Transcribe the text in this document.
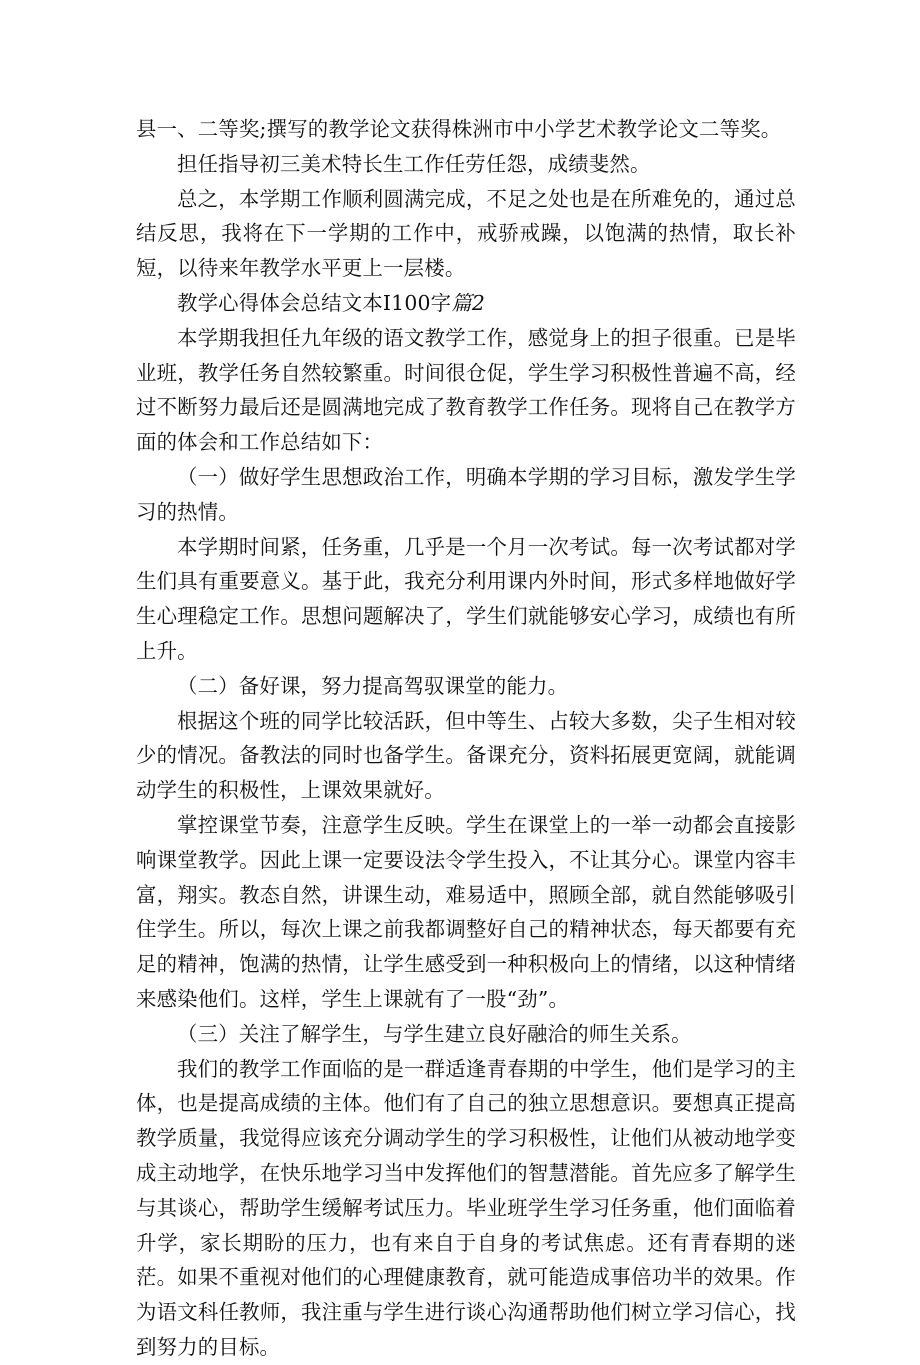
县一、二等奖;撰写的教学论文获得株洲市中小学艺术教学论文二等奖。

担任指导初三美术特长生工作任劳任怨，成绩斐然。

总之，本学期工作顺利圆满完成，不足之处也是在所难免的，通过总结反思，我将在下一学期的工作中，戒骄戒躁，以饱满的热情，取长补短，以待来年教学水平更上一层楼。

教学心得体会总结文本I100字篇2

本学期我担任九年级的语文教学工作，感觉身上的担子很重。已是毕业班，教学任务自然较繁重。时间很仓促，学生学习积极性普遍不高，经过不断努力最后还是圆满地完成了教育教学工作任务。现将自己在教学方面的体会和工作总结如下：

（一）做好学生思想政治工作，明确本学期的学习目标，激发学生学习的热情。

本学期时间紧，任务重，几乎是一个月一次考试。每一次考试都对学生们具有重要意义。基于此，我充分利用课内外时间，形式多样地做好学生心理稳定工作。思想问题解决了，学生们就能够安心学习，成绩也有所上升。

（二）备好课，努力提高驾驭课堂的能力。

根据这个班的同学比较活跃，但中等生、占较大多数，尖子生相对较少的情况。备教法的同时也备学生。备课充分，资料拓展更宽阔，就能调动学生的积极性，上课效果就好。

掌控课堂节奏，注意学生反映。学生在课堂上的一举一动都会直接影响课堂教学。因此上课一定要设法令学生投入，不让其分心。课堂内容丰富，翔实。教态自然，讲课生动，难易适中，照顾全部，就自然能够吸引住学生。所以，每次上课之前我都调整好自己的精神状态，每天都要有充足的精神，饱满的热情，让学生感受到一种积极向上的情绪，以这种情绪来感染他们。这样，学生上课就有了一股“劲”。

（三）关注了解学生，与学生建立良好融洽的师生关系。

我们的教学工作面临的是一群适逢青春期的中学生，他们是学习的主体，也是提高成绩的主体。他们有了自己的独立思想意识。要想真正提高教学质量，我觉得应该充分调动学生的学习积极性，让他们从被动地学变成主动地学，在快乐地学习当中发挥他们的智慧潜能。首先应多了解学生与其谈心，帮助学生缓解考试压力。毕业班学生学习任务重，他们面临着升学，家长期盼的压力，也有来自于自身的考试焦虑。还有青春期的迷茫。如果不重视对他们的心理健康教育，就可能造成事倍功半的效果。作为语文科任教师，我注重与学生进行谈心沟通帮助他们树立学习信心，找到努力的目标。
